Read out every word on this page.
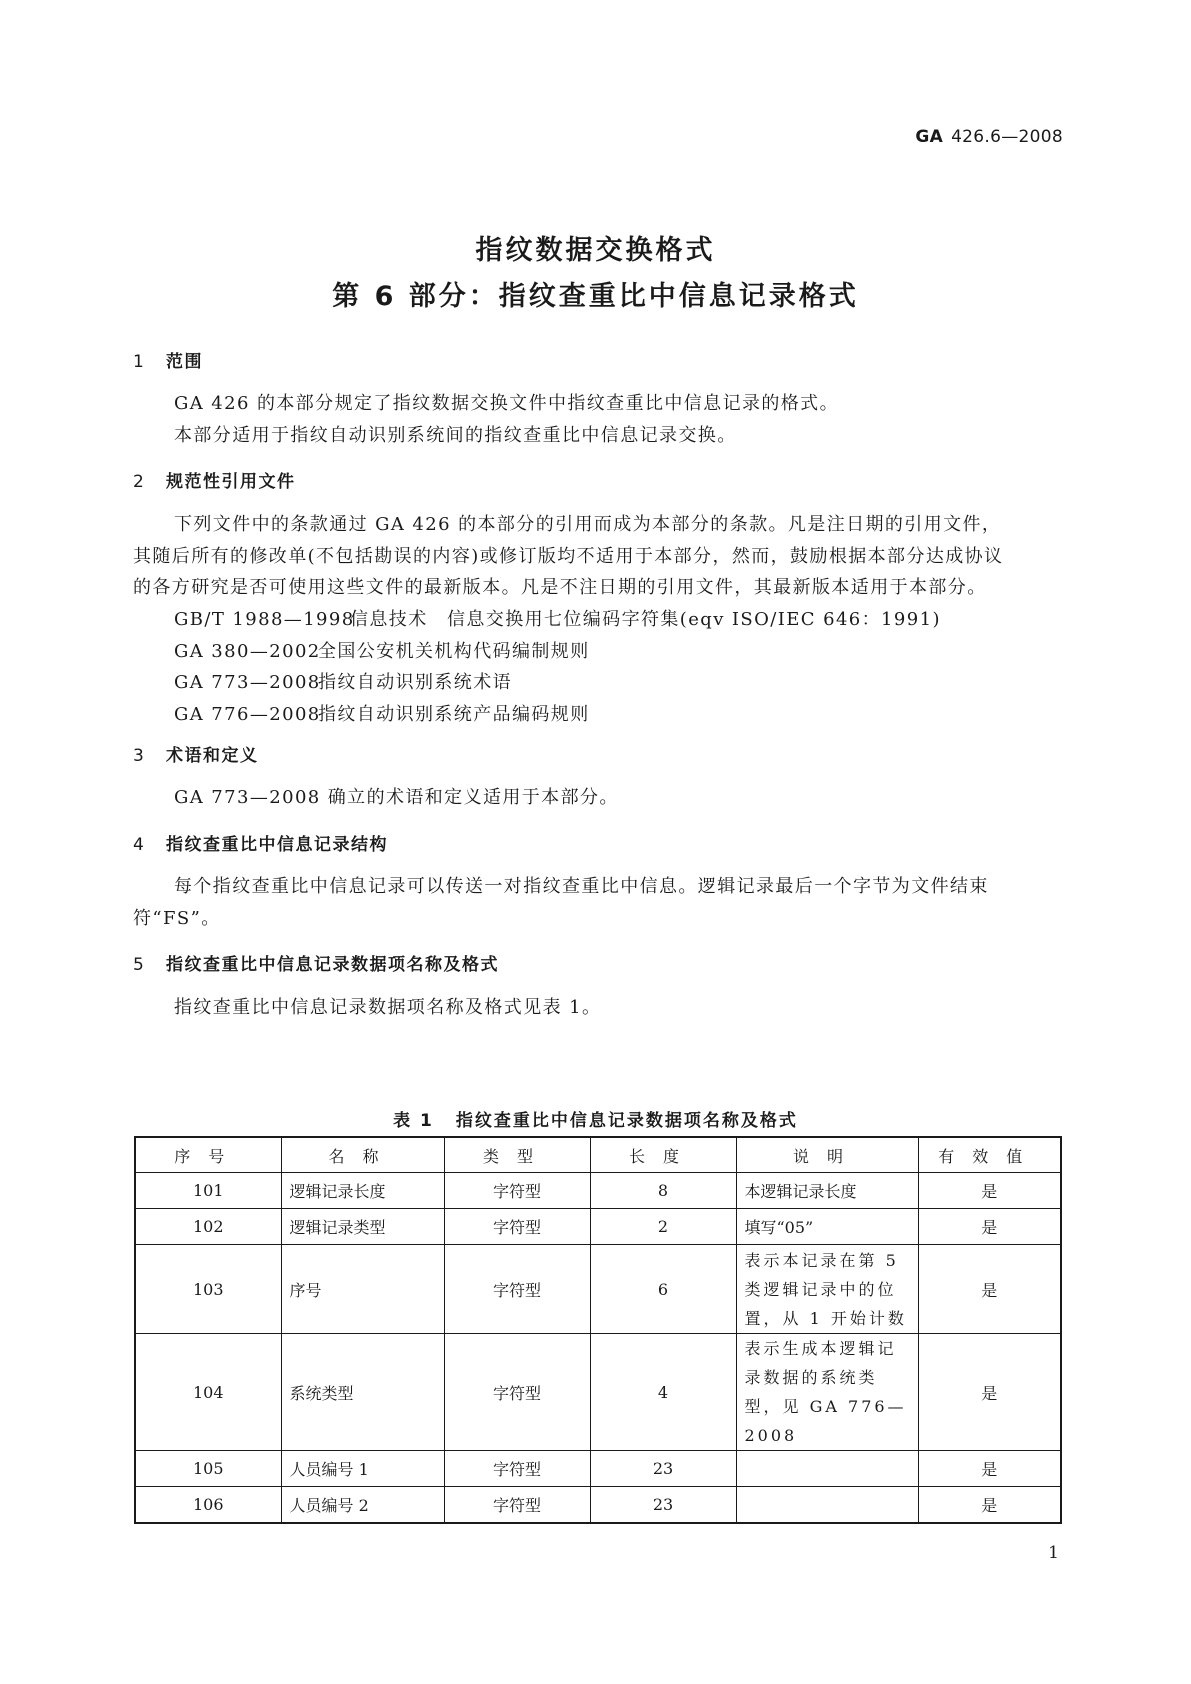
GA 426.6—2008
指纹数据交换格式
第 6 部分：指纹查重比中信息记录格式
1 范围
GA 426 的本部分规定了指纹数据交换文件中指纹查重比中信息记录的格式。
本部分适用于指纹自动识别系统间的指纹查重比中信息记录交换。
2 规范性引用文件
下列文件中的条款通过 GA 426 的本部分的引用而成为本部分的条款。凡是注日期的引用文件，
其随后所有的修改单(不包括勘误的内容)或修订版均不适用于本部分，然而，鼓励根据本部分达成协议
的各方研究是否可使用这些文件的最新版本。凡是不注日期的引用文件，其最新版本适用于本部分。
GB/T 1988—1998信息技术　信息交换用七位编码字符集(eqv ISO/IEC 646：1991)
GA 380—2002全国公安机关机构代码编制规则
GA 773—2008指纹自动识别系统术语
GA 776—2008指纹自动识别系统产品编码规则
3 术语和定义
GA 773—2008 确立的术语和定义适用于本部分。
4 指纹查重比中信息记录结构
每个指纹查重比中信息记录可以传送一对指纹查重比中信息。逻辑记录最后一个字节为文件结束
符“FS”。
5 指纹查重比中信息记录数据项名称及格式
指纹查重比中信息记录数据项名称及格式见表 1。
表 1 指纹查重比中信息记录数据项名称及格式
序号	名称	类型	长度	说明	有效值
101	逻辑记录长度	字符型	8	本逻辑记录长度	是
102	逻辑记录类型	字符型	2	填写“05”	是
103	序号	字符型	6	表示本记录在第 5 类逻辑记录中的位置，从 1 开始计数	是
104	系统类型	字符型	4	表示生成本逻辑记录数据的系统类型，见 GA 776—2008	是
105	人员编号 1	字符型	23		是
106	人员编号 2	字符型	23		是
1
